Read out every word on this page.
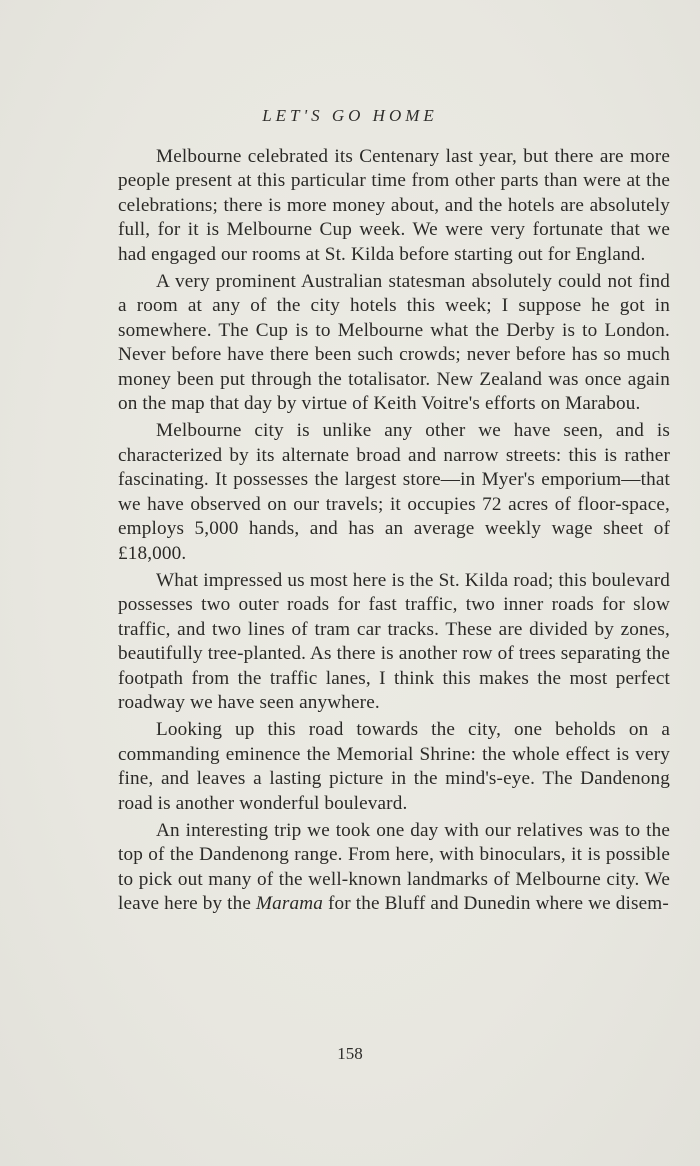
LET'S GO HOME

Melbourne celebrated its Centenary last year, but there are more people present at this particular time from other parts than were at the celebrations; there is more money about, and the hotels are absolutely full, for it is Melbourne Cup week. We were very fortunate that we had engaged our rooms at St. Kilda before starting out for England.

A very prominent Australian statesman absolutely could not find a room at any of the city hotels this week; I suppose he got in somewhere. The Cup is to Melbourne what the Derby is to London. Never before have there been such crowds; never before has so much money been put through the totalisator. New Zealand was once again on the map that day by virtue of Keith Voitre's efforts on Marabou.

Melbourne city is unlike any other we have seen, and is characterized by its alternate broad and narrow streets: this is rather fascinating. It possesses the largest store—in Myer's emporium—that we have observed on our travels; it occupies 72 acres of floor-space, employs 5,000 hands, and has an average weekly wage sheet of £18,000.

What impressed us most here is the St. Kilda road; this boulevard possesses two outer roads for fast traffic, two inner roads for slow traffic, and two lines of tram car tracks. These are divided by zones, beautifully tree-planted. As there is another row of trees separating the footpath from the traffic lanes, I think this makes the most perfect roadway we have seen anywhere.

Looking up this road towards the city, one beholds on a commanding eminence the Memorial Shrine: the whole effect is very fine, and leaves a lasting picture in the mind's-eye. The Dandenong road is another wonderful boulevard.

An interesting trip we took one day with our relatives was to the top of the Dandenong range. From here, with binoculars, it is possible to pick out many of the well-known landmarks of Melbourne city. We leave here by the Marama for the Bluff and Dunedin where we disem-

158
